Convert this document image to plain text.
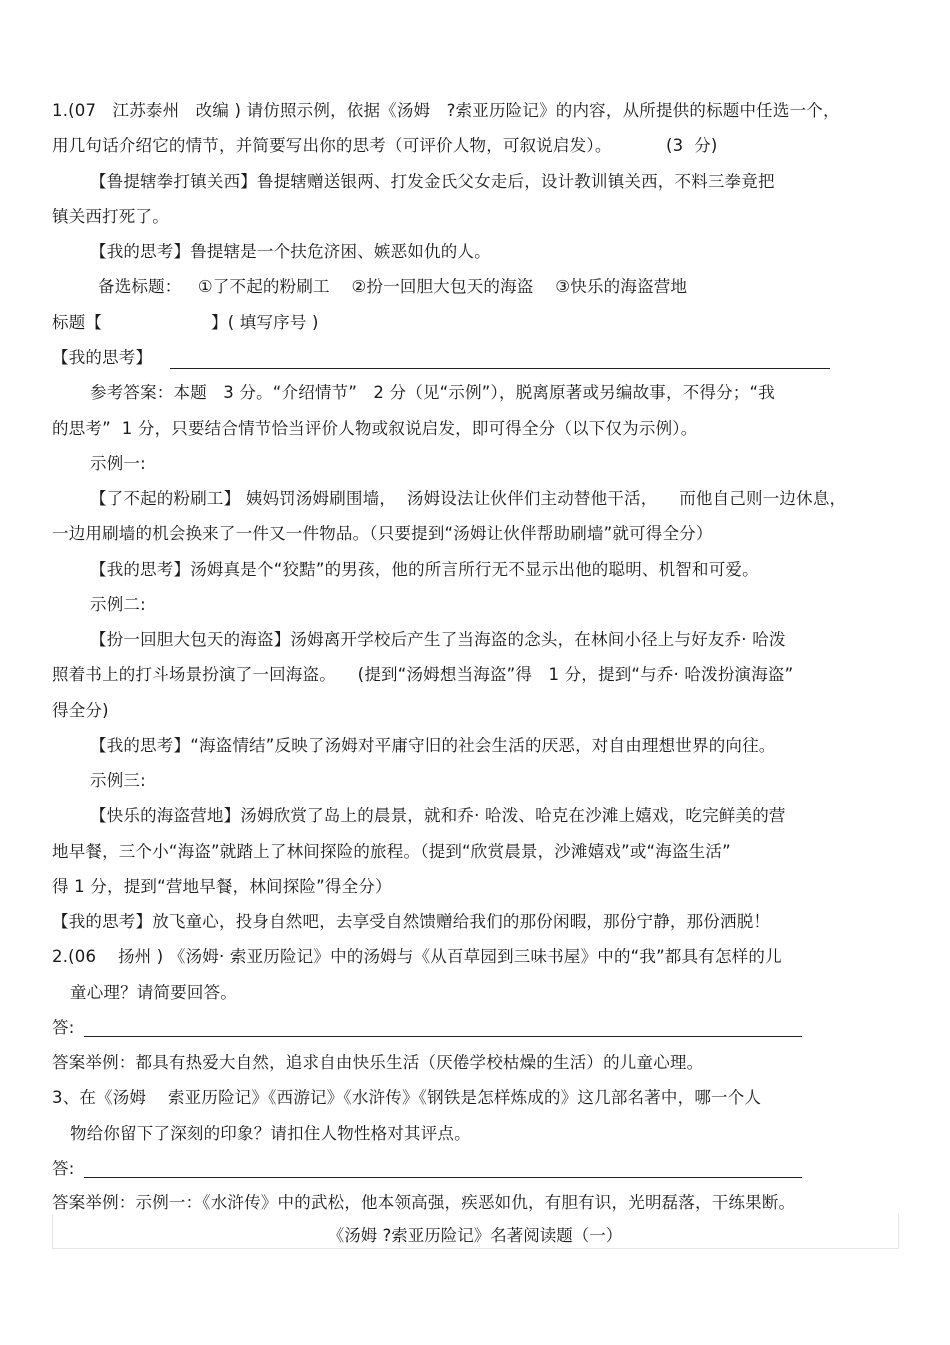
1.(07   江苏泰州   改编 ) 请仿照示例，依据《汤姆   ?索亚历险记》的内容，从所提供的标题中任选一个，
用几句话介绍它的情节，并简要写出你的思考（可评价人物，可叙说启发）。          (3  分)
【鲁提辖拳打镇关西】鲁提辖赠送银两、打发金氏父女走后，设计教训镇关西，不料三拳竟把
镇关西打死了。
【我的思考】鲁提辖是一个扶危济困、嫉恶如仇的人。
备选标题：   ①了不起的粉刷工    ②扮一回胆大包天的海盗    ③快乐的海盗营地
标题【                    】( 填写序号 )
【我的思考】
参考答案：本题   3 分。“介绍情节”   2 分（见“示例”），脱离原著或另编故事，不得分；“我
的思考”  1 分，只要结合情节恰当评价人物或叙说启发，即可得全分（以下仅为示例）。
示例一:
【了不起的粉刷工】 姨妈罚汤姆刷围墙，  汤姆设法让伙伴们主动替他干活，    而他自己则一边休息，
一边用刷墙的机会换来了一件又一件物品。（只要提到“汤姆让伙伴帮助刷墙”就可得全分）
【我的思考】汤姆真是个“狡黠”的男孩，他的所言所行无不显示出他的聪明、机智和可爱。
示例二:
【扮一回胆大包天的海盗】汤姆离开学校后产生了当海盗的念头，在林间小径上与好友乔· 哈泼
照着书上的打斗场景扮演了一回海盗。    (提到“汤姆想当海盗”得   1 分，提到“与乔· 哈泼扮演海盗”
得全分)
【我的思考】“海盗情结”反映了汤姆对平庸守旧的社会生活的厌恶，对自由理想世界的向往。
示例三:
【快乐的海盗营地】汤姆欣赏了岛上的晨景，就和乔· 哈泼、哈克在沙滩上嬉戏，吃完鲜美的营
地早餐，三个小“海盗”就踏上了林间探险的旅程。（提到“欣赏晨景，沙滩嬉戏”或“海盗生活”
得 1 分，提到“营地早餐，林间探险”得全分）
【我的思考】放飞童心，投身自然吧，去享受自然馈赠给我们的那份闲暇，那份宁静，那份洒脱！
2.(06    扬州 ) 《汤姆· 索亚历险记》中的汤姆与《从百草园到三味书屋》中的“我”都具有怎样的儿
童心理？请简要回答。
答:
答案举例：都具有热爱大自然，追求自由快乐生活（厌倦学校枯燥的生活）的儿童心理。
3、在《汤姆    索亚历险记》《西游记》《水浒传》《钢铁是怎样炼成的》这几部名著中，哪一个人
物给你留下了深刻的印象？请扣住人物性格对其评点。
答:
答案举例：示例一：《水浒传》中的武松，他本领高强，疾恶如仇，有胆有识，光明磊落，干练果断。
《汤姆 ?索亚历险记》名著阅读题（一）
